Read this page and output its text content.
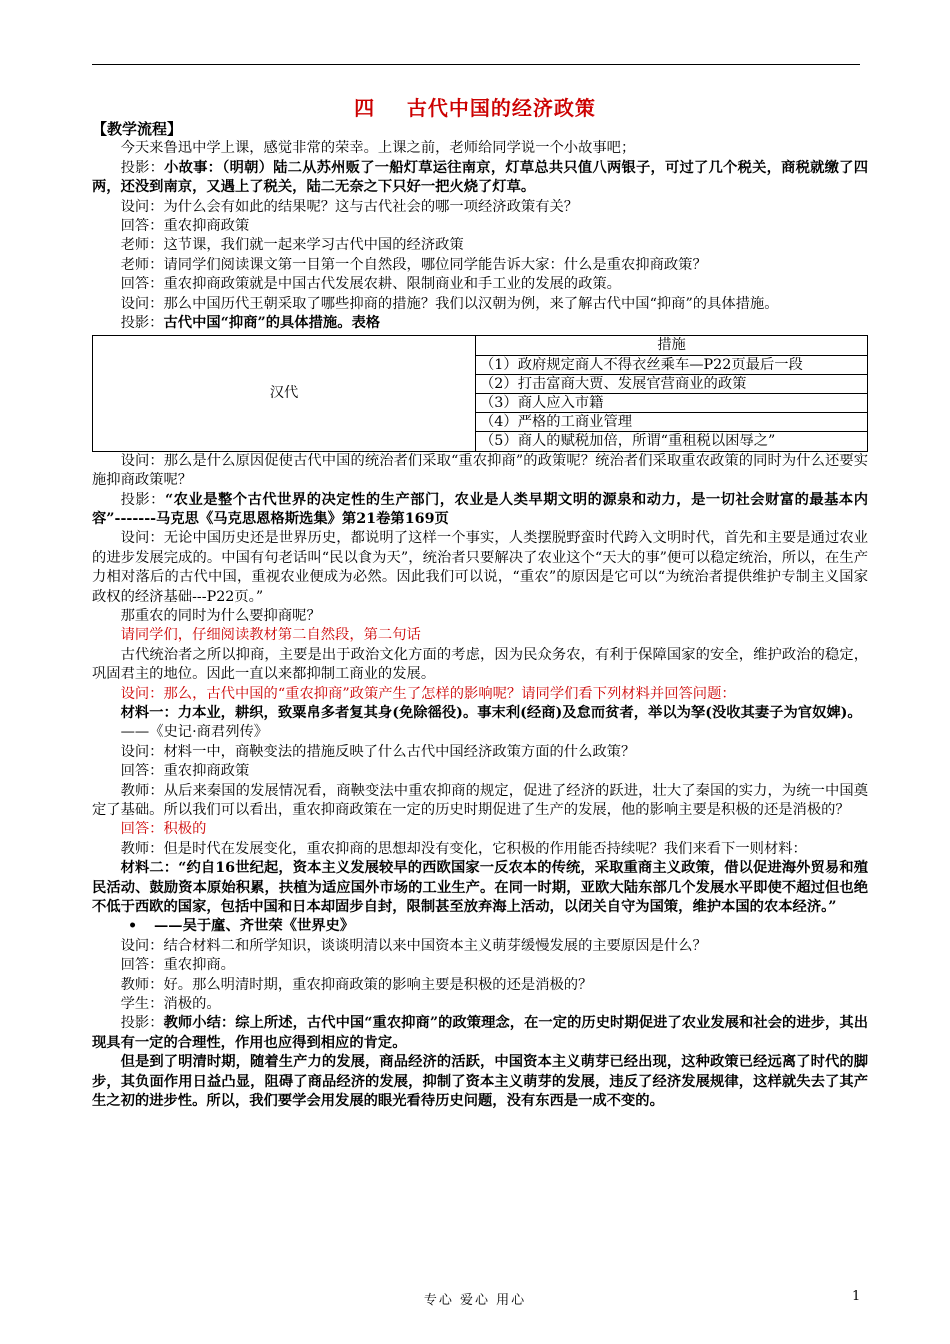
四    古代中国的经济政策

【教学流程】

今天来鲁迅中学上课，感觉非常的荣幸。上课之前，老师给同学说一个小故事吧；

投影：小故事：（明朝）陆二从苏州贩了一船灯草运往南京，灯草总共只值八两银子，可过了几个税关，商税就缴了四两，还没到南京，又遇上了税关，陆二无奈之下只好一把火烧了灯草。

设问：为什么会有如此的结果呢？这与古代社会的哪一项经济政策有关？

回答：重农抑商政策

老师：这节课，我们就一起来学习古代中国的经济政策

老师：请同学们阅读课文第一目第一个自然段，哪位同学能告诉大家：什么是重农抑商政策？

回答：重农抑商政策就是中国古代发展农耕、限制商业和手工业的发展的政策。

设问：那么中国历代王朝采取了哪些抑商的措施？我们以汉朝为例，来了解古代中国“抑商”的具体措施。

投影：古代中国“抑商”的具体措施。表格

汉代	措施
（1）政府规定商人不得衣丝乘车—P22页最后一段
（2）打击富商大贾、发展官营商业的政策
（3）商人应入市籍
（4）严格的工商业管理
（5）商人的赋税加倍，所谓“重租税以困辱之”

设问：那么是什么原因促使古代中国的统治者们采取“重农抑商”的政策呢？统治者们采取重农政策的同时为什么还要实施抑商政策呢？

投影：“农业是整个古代世界的决定性的生产部门，农业是人类早期文明的源泉和动力，是一切社会财富的最基本内容”-------马克思《马克思恩格斯选集》第21卷第169页

设问：无论中国历史还是世界历史，都说明了这样一个事实，人类摆脱野蛮时代跨入文明时代，首先和主要是通过农业的进步发展完成的。中国有句老话叫“民以食为天”，统治者只要解决了农业这个“天大的事”便可以稳定统治，所以，在生产力相对落后的古代中国，重视农业便成为必然。因此我们可以说，“重农”的原因是它可以“为统治者提供维护专制主义国家政权的经济基础---P22页。”

那重农的同时为什么要抑商呢？

请同学们，仔细阅读教材第二自然段，第二句话

古代统治者之所以抑商，主要是出于政治文化方面的考虑，因为民众务农，有利于保障国家的安全，维护政治的稳定，巩固君主的地位。因此一直以来都抑制工商业的发展。

设问：那么，古代中国的“重农抑商”政策产生了怎样的影响呢？请同学们看下列材料并回答问题：

材料一：力本业，耕织，致粟帛多者复其身(免除徭役)。事末利(经商)及怠而贫者，举以为孥(没收其妻子为官奴婢)。

——《史记·商君列传》

设问：材料一中，商鞅变法的措施反映了什么古代中国经济政策方面的什么政策？

回答：重农抑商政策

教师：从后来秦国的发展情况看，商鞅变法中重农抑商的规定，促进了经济的跃进，壮大了秦国的实力，为统一中国奠定了基础。所以我们可以看出，重农抑商政策在一定的历史时期促进了生产的发展，他的影响主要是积极的还是消极的？

回答：积极的

教师：但是时代在发展变化，重农抑商的思想却没有变化，它积极的作用能否持续呢？我们来看下一则材料：

材料二：“约自16世纪起，资本主义发展较早的西欧国家一反农本的传统，采取重商主义政策，借以促进海外贸易和殖民活动、鼓励资本原始积累，扶植为适应国外市场的工业生产。在同一时期，亚欧大陆东部几个发展水平即使不超过但也绝不低于西欧的国家，包括中国和日本却固步自封，限制甚至放弃海上活动，以闭关自守为国策，维护本国的农本经济。”

• ——吴于廑、齐世荣《世界史》

设问：结合材料二和所学知识，谈谈明清以来中国资本主义萌芽缓慢发展的主要原因是什么？

回答：重农抑商。

教师：好。那么明清时期，重农抑商政策的影响主要是积极的还是消极的？

学生：消极的。

投影：教师小结：综上所述，古代中国“重农抑商”的政策理念，在一定的历史时期促进了农业发展和社会的进步，其出现具有一定的合理性，作用也应得到相应的肯定。

但是到了明清时期，随着生产力的发展，商品经济的活跃，中国资本主义萌芽已经出现，这种政策已经远离了时代的脚步，其负面作用日益凸显，阻碍了商品经济的发展，抑制了资本主义萌芽的发展，违反了经济发展规律，这样就失去了其产生之初的进步性。所以，我们要学会用发展的眼光看待历史问题，没有东西是一成不变的。

专心 爱心 用心	1
